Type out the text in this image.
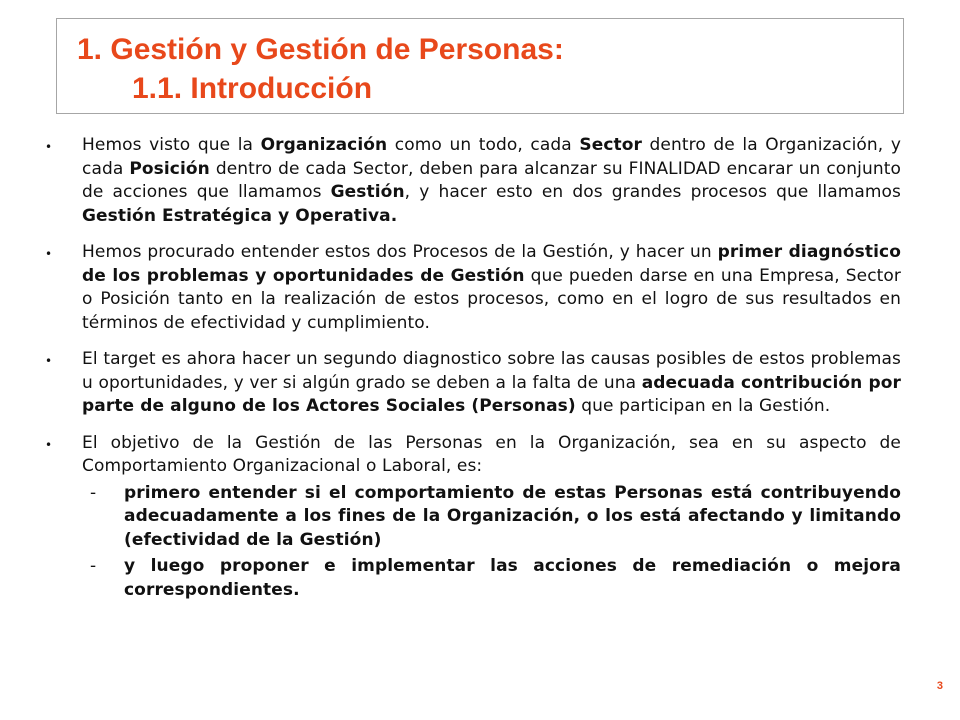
1. Gestión y Gestión de Personas:
1.1. Introducción
• Hemos visto que la Organización como un todo, cada Sector dentro de la Organización, y cada Posición dentro de cada Sector, deben para alcanzar su FINALIDAD encarar un conjunto de acciones que llamamos Gestión, y hacer esto en dos grandes procesos que llamamos Gestión Estratégica y Operativa.
• Hemos procurado entender estos dos Procesos de la Gestión, y hacer un primer diagnóstico de los problemas y oportunidades de Gestión que pueden darse en una Empresa, Sector o Posición tanto en la realización de estos procesos, como en el logro de sus resultados en términos de efectividad y cumplimiento.
• El target es ahora hacer un segundo diagnostico sobre las causas posibles de estos problemas u oportunidades, y ver si algún grado se deben a la falta de una adecuada contribución por parte de alguno de los Actores Sociales (Personas) que participan en la Gestión.
• El objetivo de la Gestión de las Personas en la Organización, sea en su aspecto de Comportamiento Organizacional o Laboral, es:
- primero entender si el comportamiento de estas Personas está contribuyendo adecuadamente a los fines de la Organización, o los está afectando y limitando (efectividad de la Gestión)
- y luego proponer e implementar las acciones de remediación o mejora correspondientes.
3
